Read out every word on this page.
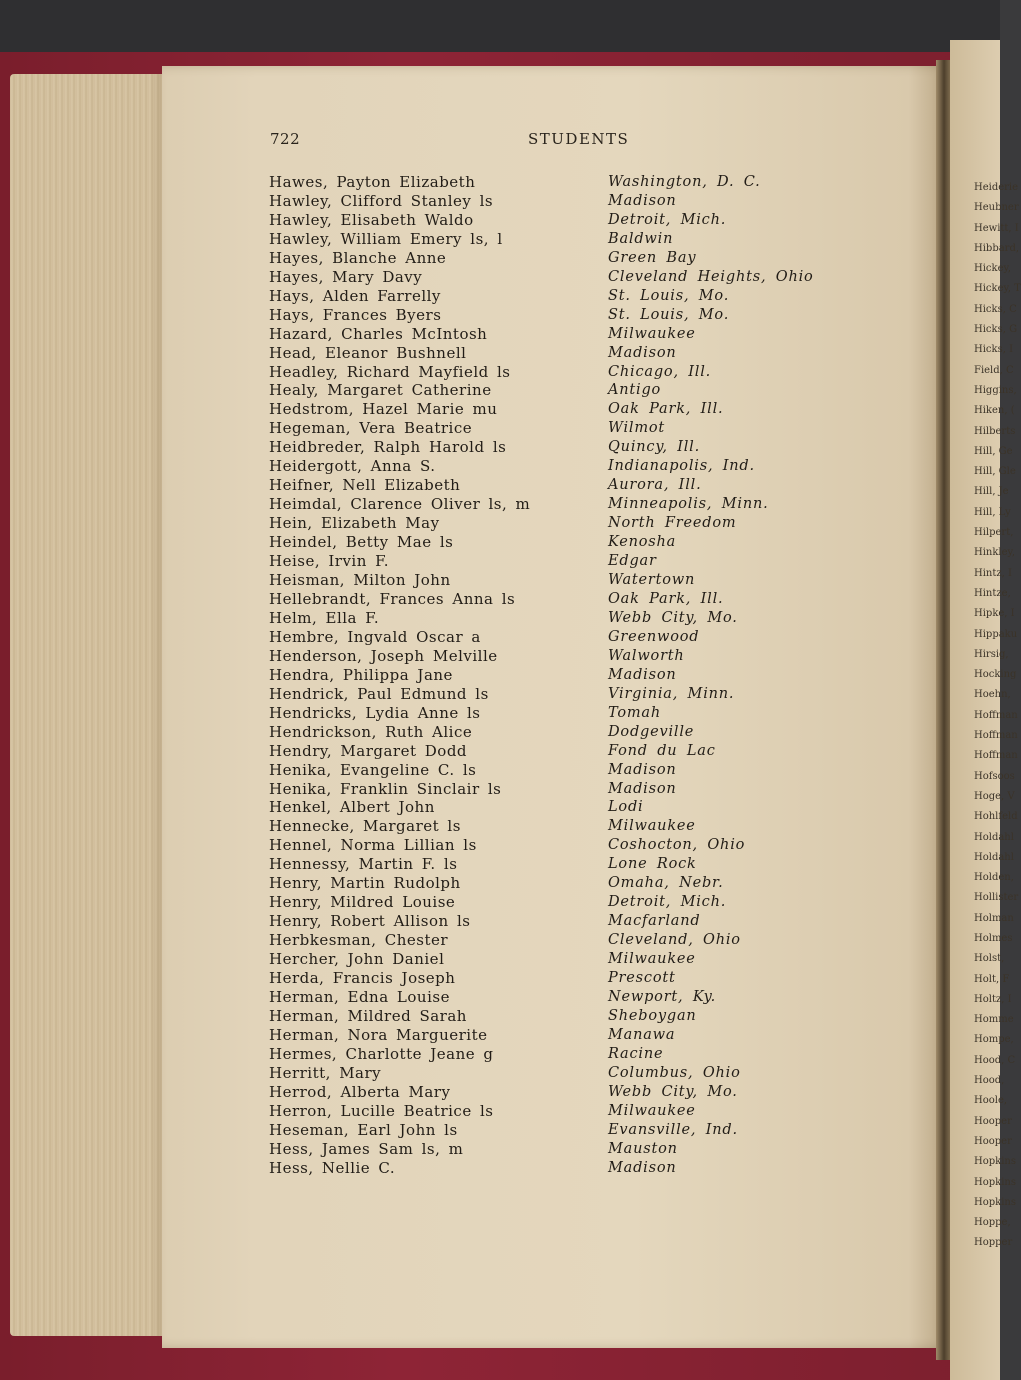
Heiderie
Heubner
Hewitt, I
Hibbard,
Hickey,
Hickey, T
Hicks, C
Hicks, G
Hicks, I
Field, C
Higgins,
Hiken, (
Hilberts
Hill, Ge
Hill, Gle
Hill, Je
Hill, Ly
Hilpert,
Hinkley,
Hintz, I
Hintze,
Hipke, I
Hippaku
Hirsig,
Hocking
Hoehn,
Hoffman
Hoffman
Hoffman
Hofsoos
Hoge, V
Hohlfeld
Holdahl
Holdahl
Holden,
Hollister
Holman
Holmes
Holst,
Holt, F
Holtz, I
Homme
Hompe,
Hood, C
Hood,
Hoole,
Hooper
Hooper
Hopkins
Hopkins
Hopkins
Hoppe,
Hopper
722	STUDENTS
Hawes, Payton Elizabeth	Washington, D. C.
Hawley, Clifford Stanley ls	Madison
Hawley, Elisabeth Waldo	Detroit, Mich.
Hawley, William Emery ls, l	Baldwin
Hayes, Blanche Anne	Green Bay
Hayes, Mary Davy	Cleveland Heights, Ohio
Hays, Alden Farrelly	St. Louis, Mo.
Hays, Frances Byers	St. Louis, Mo.
Hazard, Charles McIntosh	Milwaukee
Head, Eleanor Bushnell	Madison
Headley, Richard Mayfield ls	Chicago, Ill.
Healy, Margaret Catherine	Antigo
Hedstrom, Hazel Marie mu	Oak Park, Ill.
Hegeman, Vera Beatrice	Wilmot
Heidbreder, Ralph Harold ls	Quincy, Ill.
Heidergott, Anna S.	Indianapolis, Ind.
Heifner, Nell Elizabeth	Aurora, Ill.
Heimdal, Clarence Oliver ls, m	Minneapolis, Minn.
Hein, Elizabeth May	North Freedom
Heindel, Betty Mae ls	Kenosha
Heise, Irvin F.	Edgar
Heisman, Milton John	Watertown
Hellebrandt, Frances Anna ls	Oak Park, Ill.
Helm, Ella F.	Webb City, Mo.
Hembre, Ingvald Oscar a	Greenwood
Henderson, Joseph Melville	Walworth
Hendra, Philippa Jane	Madison
Hendrick, Paul Edmund ls	Virginia, Minn.
Hendricks, Lydia Anne ls	Tomah
Hendrickson, Ruth Alice	Dodgeville
Hendry, Margaret Dodd	Fond du Lac
Henika, Evangeline C. ls	Madison
Henika, Franklin Sinclair ls	Madison
Henkel, Albert John	Lodi
Hennecke, Margaret ls	Milwaukee
Hennel, Norma Lillian ls	Coshocton, Ohio
Hennessy, Martin F. ls	Lone Rock
Henry, Martin Rudolph	Omaha, Nebr.
Henry, Mildred Louise	Detroit, Mich.
Henry, Robert Allison ls	Macfarland
Herbkesman, Chester	Cleveland, Ohio
Hercher, John Daniel	Milwaukee
Herda, Francis Joseph	Prescott
Herman, Edna Louise	Newport, Ky.
Herman, Mildred Sarah	Sheboygan
Herman, Nora Marguerite	Manawa
Hermes, Charlotte Jeane g	Racine
Herritt, Mary	Columbus, Ohio
Herrod, Alberta Mary	Webb City, Mo.
Herron, Lucille Beatrice ls	Milwaukee
Heseman, Earl John ls	Evansville, Ind.
Hess, James Sam ls, m	Mauston
Hess, Nellie C.	Madison
